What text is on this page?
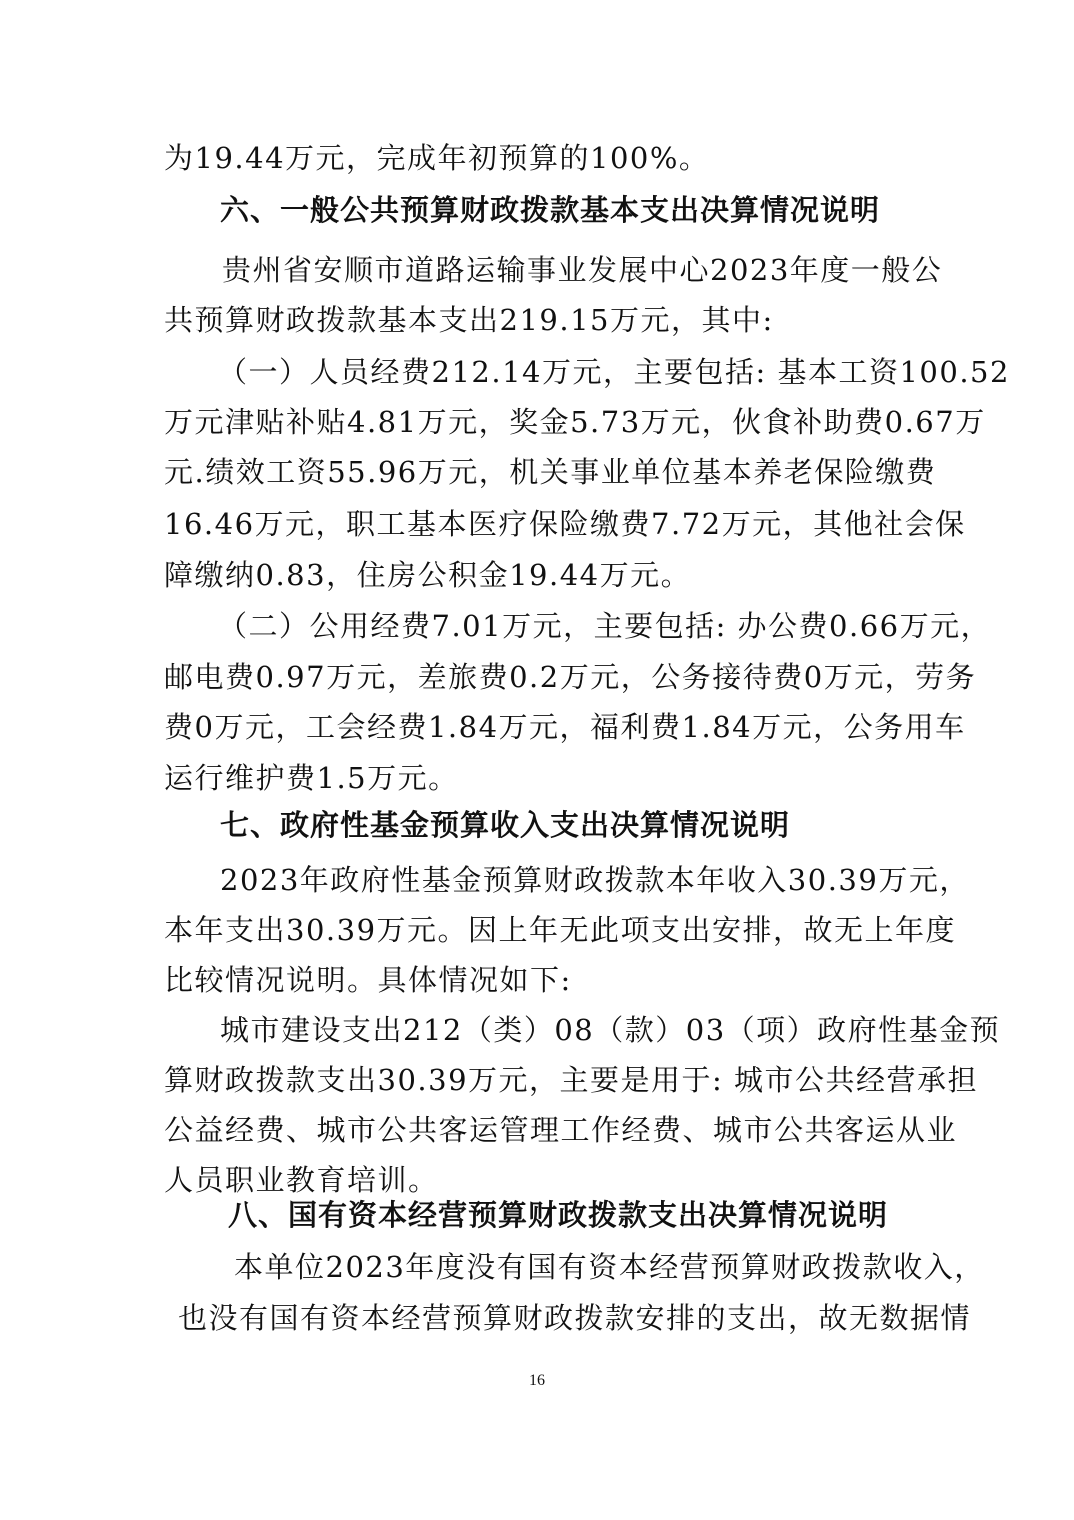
为19.44万元，完成年初预算的100%。
六、一般公共预算财政拨款基本支出决算情况说明
贵州省安顺市道路运输事业发展中心2023年度一般公
共预算财政拨款基本支出219.15万元，其中:
（一）人员经费212.14万元，主要包括: 基本工资100.52
万元津贴补贴4.81万元，奖金5.73万元，伙食补助费0.67万
元.绩效工资55.96万元，机关事业单位基本养老保险缴费
16.46万元，职工基本医疗保险缴费7.72万元，其他社会保
障缴纳0.83，住房公积金19.44万元。
（二）公用经费7.01万元，主要包括: 办公费0.66万元，
邮电费0.97万元，差旅费0.2万元，公务接待费0万元，劳务
费0万元，工会经费1.84万元，福利费1.84万元，公务用车
运行维护费1.5万元。
七、政府性基金预算收入支出决算情况说明
2023年政府性基金预算财政拨款本年收入30.39万元，
本年支出30.39万元。因上年无此项支出安排，故无上年度
比较情况说明。具体情况如下:
城市建设支出212（类）08（款）03（项）政府性基金预
算财政拨款支出30.39万元，主要是用于: 城市公共经营承担
公益经费、城市公共客运管理工作经费、城市公共客运从业
人员职业教育培训。
八、国有资本经营预算财政拨款支出决算情况说明
本单位2023年度没有国有资本经营预算财政拨款收入，
也没有国有资本经营预算财政拨款安排的支出，故无数据情
16
